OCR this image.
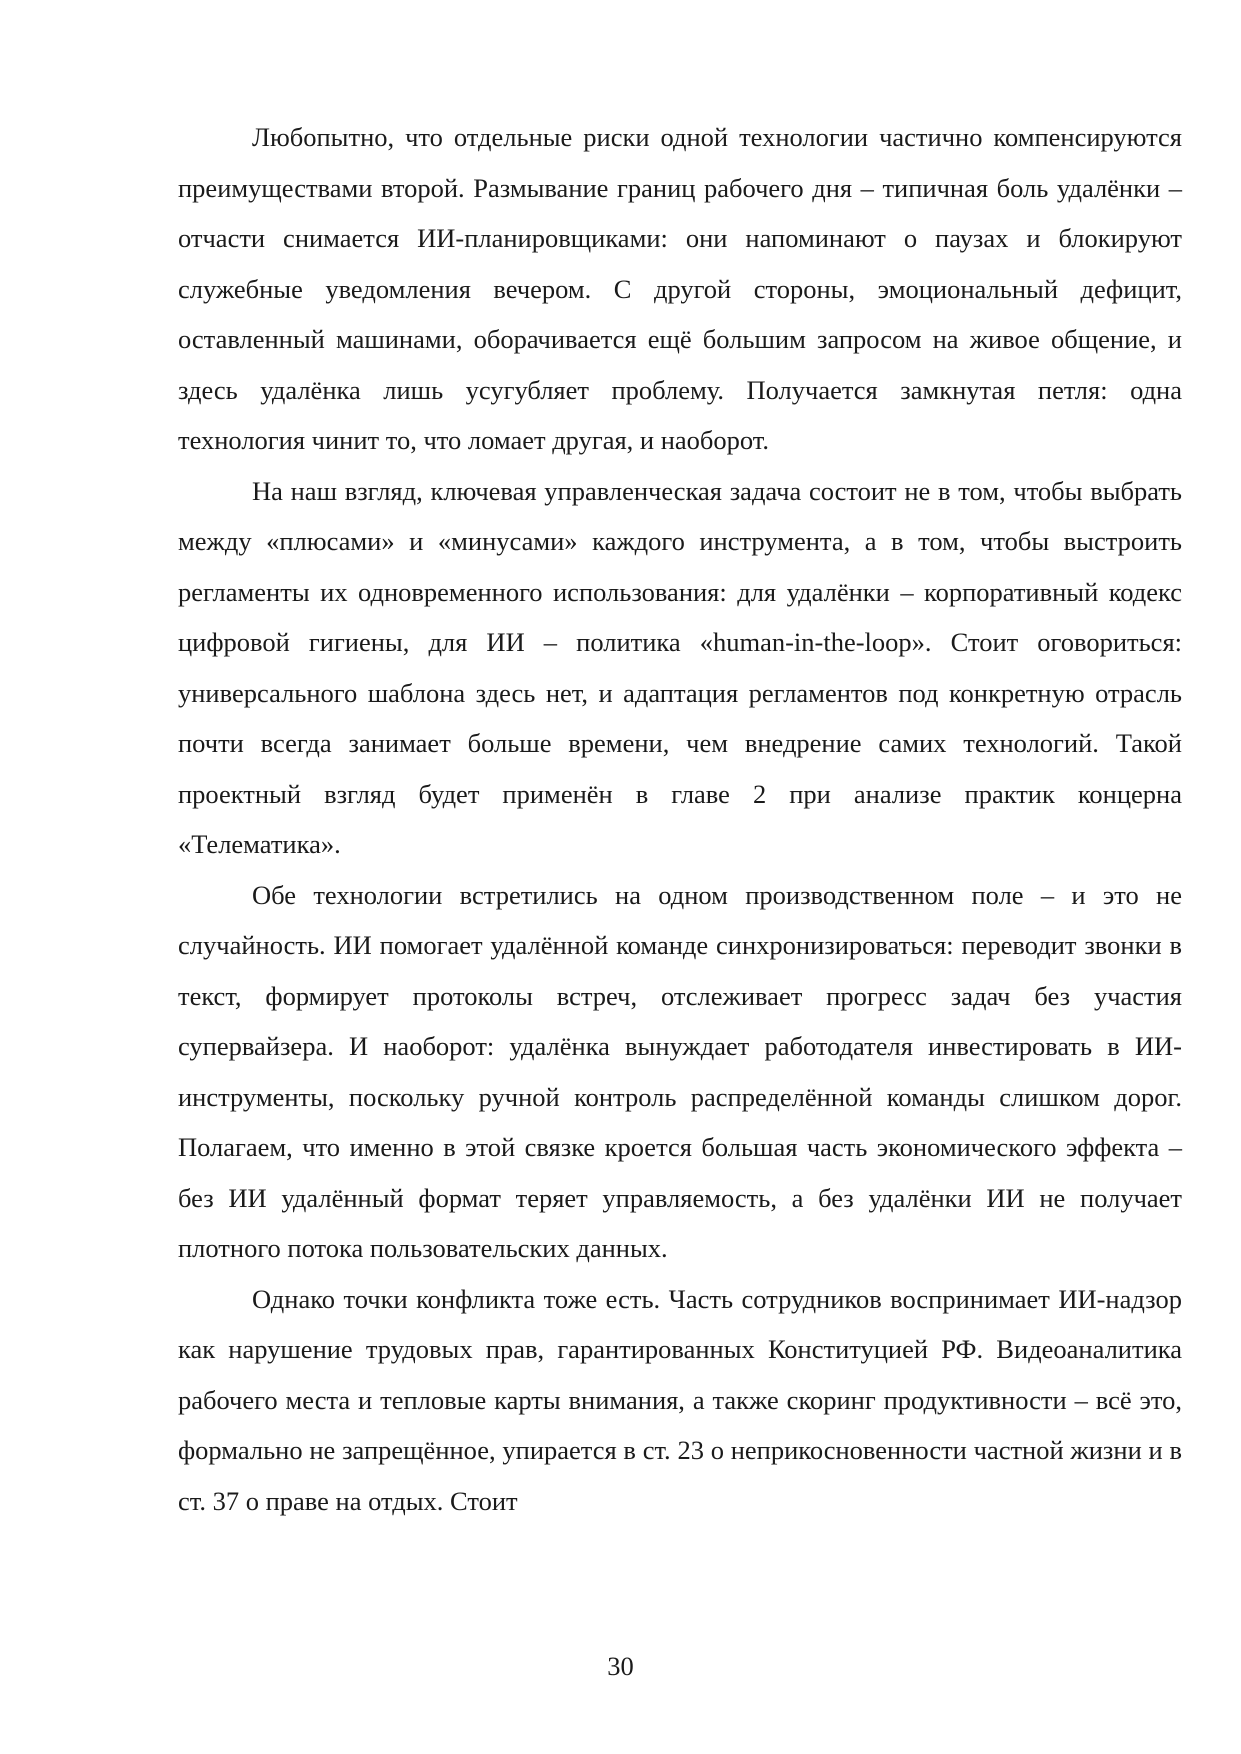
Любопытно, что отдельные риски одной технологии частично компенсируются преимуществами второй. Размывание границ рабочего дня – типичная боль удалёнки – отчасти снимается ИИ-планировщиками: они напоминают о паузах и блокируют служебные уведомления вечером. С другой стороны, эмоциональный дефицит, оставленный машинами, оборачивается ещё большим запросом на живое общение, и здесь удалёнка лишь усугубляет проблему. Получается замкнутая петля: одна технология чинит то, что ломает другая, и наоборот.

На наш взгляд, ключевая управленческая задача состоит не в том, чтобы выбрать между «плюсами» и «минусами» каждого инструмента, а в том, чтобы выстроить регламенты их одновременного использования: для удалёнки – корпоративный кодекс цифровой гигиены, для ИИ – политика «human-in-the-loop». Стоит оговориться: универсального шаблона здесь нет, и адаптация регламентов под конкретную отрасль почти всегда занимает больше времени, чем внедрение самих технологий. Такой проектный взгляд будет применён в главе 2 при анализе практик концерна «Телематика».

Обе технологии встретились на одном производственном поле – и это не случайность. ИИ помогает удалённой команде синхронизироваться: переводит звонки в текст, формирует протоколы встреч, отслеживает прогресс задач без участия супервайзера. И наоборот: удалёнка вынуждает работодателя инвестировать в ИИ-инструменты, поскольку ручной контроль распределённой команды слишком дорог. Полагаем, что именно в этой связке кроется большая часть экономического эффекта – без ИИ удалённый формат теряет управляемость, а без удалёнки ИИ не получает плотного потока пользовательских данных.

Однако точки конфликта тоже есть. Часть сотрудников воспринимает ИИ-надзор как нарушение трудовых прав, гарантированных Конституцией РФ. Видеоаналитика рабочего места и тепловые карты внимания, а также скоринг продуктивности – всё это, формально не запрещённое, упирается в ст. 23 о неприкосновенности частной жизни и в ст. 37 о праве на отдых. Стоит

30
